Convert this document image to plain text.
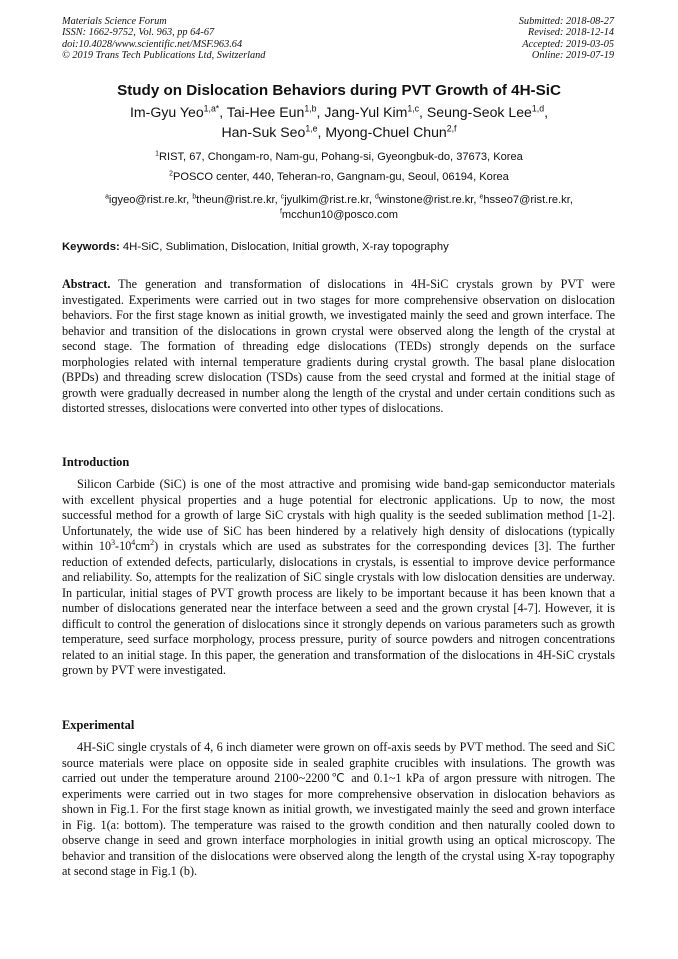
Materials Science Forum
ISSN: 1662-9752, Vol. 963, pp 64-67
doi:10.4028/www.scientific.net/MSF.963.64
© 2019 Trans Tech Publications Ltd, Switzerland
Submitted: 2018-08-27
Revised: 2018-12-14
Accepted: 2019-03-05
Online: 2019-07-19
Study on Dislocation Behaviors during PVT Growth of 4H-SiC
Im-Gyu Yeo$^{1,a*}$, Tai-Hee Eun$^{1,b}$, Jang-Yul Kim$^{1,c}$, Seung-Seok Lee$^{1,d}$,
Han-Suk Seo$^{1,e}$, Myong-Chuel Chun$^{2,f}$
$^1$RIST, 67, Chongam-ro, Nam-gu, Pohang-si, Gyeongbuk-do, 37673, Korea
$^2$POSCO center, 440, Teheran-ro, Gangnam-gu, Seoul, 06194, Korea
$^a$igyeo@rist.re.kr, $^b$theun@rist.re.kr, $^c$jyulkim@rist.re.kr, $^d$winstone@rist.re.kr, $^e$hsseo7@rist.re.kr,
$^f$mcchun10@posco.com
Keywords: 4H-SiC, Sublimation, Dislocation, Initial growth, X-ray topography

Abstract. The generation and transformation of dislocations in 4H-SiC crystals grown by PVT were investigated. Experiments were carried out in two stages for more comprehensive observation on dislocation behaviors. For the first stage known as initial growth, we investigated mainly the seed and grown interface. The behavior and transition of the dislocations in grown crystal were observed along the length of the crystal at second stage. The formation of threading edge dislocations (TEDs) strongly depends on the surface morphologies related with internal temperature gradients during crystal growth. The basal plane dislocation (BPDs) and threading screw dislocation (TSDs) cause from the seed crystal and formed at the initial stage of growth were gradually decreased in number along the length of the crystal and under certain conditions such as distorted stresses, dislocations were converted into other types of dislocations.

Introduction

Silicon Carbide (SiC) is one of the most attractive and promising wide band-gap semiconductor materials with excellent physical properties and a huge potential for electronic applications. Up to now, the most successful method for a growth of large SiC crystals with high quality is the seeded sublimation method [1-2]. Unfortunately, the wide use of SiC has been hindered by a relatively high density of dislocations (typically within $10^3-10^4cm^2$) in crystals which are used as substrates for the corresponding devices [3]. The further reduction of extended defects, particularly, dislocations in crystals, is essential to improve device performance and reliability. So, attempts for the realization of SiC single crystals with low dislocation densities are underway. In particular, initial stages of PVT growth process are likely to be important because it has been known that a number of dislocations generated near the interface between a seed and the grown crystal [4-7]. However, it is difficult to control the generation of dislocations since it strongly depends on various parameters such as growth temperature, seed surface morphology, process pressure, purity of source powders and nitrogen concentrations related to an initial stage. In this paper, the generation and transformation of the dislocations in 4H-SiC crystals grown by PVT were investigated.

Experimental

4H-SiC single crystals of 4, 6 inch diameter were grown on off-axis seeds by PVT method. The seed and SiC source materials were place on opposite side in sealed graphite crucibles with insulations. The growth was carried out under the temperature around 2100~2200℃ and 0.1~1 kPa of argon pressure with nitrogen. The experiments were carried out in two stages for more comprehensive observation in dislocation behaviors as shown in Fig.1. For the first stage known as initial growth, we investigated mainly the seed and grown interface in Fig. 1(a: bottom). The temperature was raised to the growth condition and then naturally cooled down to observe change in seed and grown interface morphologies in initial growth using an optical microscopy. The behavior and transition of the dislocations were observed along the length of the crystal using X-ray topography at second stage in Fig.1 (b).
